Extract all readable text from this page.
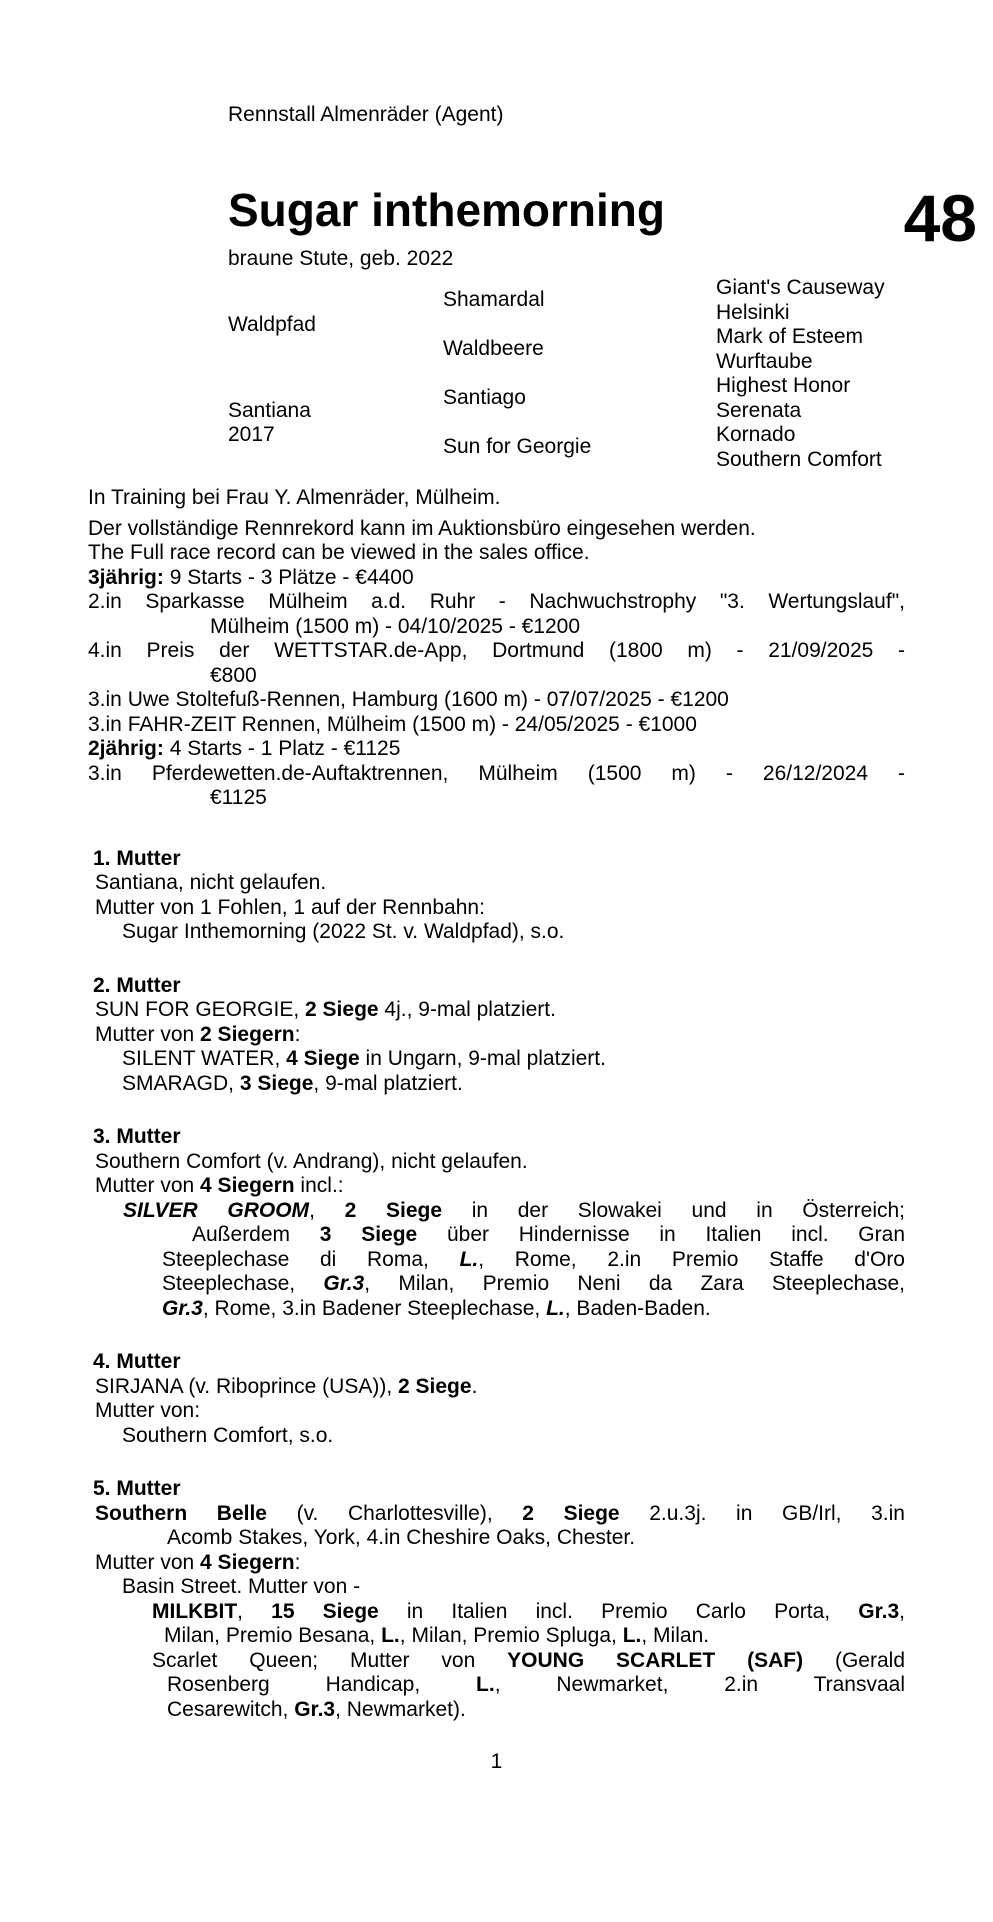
Rennstall Almenräder (Agent)
48
Sugar inthemorning
braune Stute, geb. 2022
Waldpfad
Santiana
2017
Shamardal
Waldbeere
Santiago
Sun for Georgie
Giant's Causeway
Helsinki
Mark of Esteem
Wurftaube
Highest Honor
Serenata
Kornado
Southern Comfort
In Training bei Frau Y. Almenräder, Mülheim.
Der vollständige Rennrekord kann im Auktionsbüro eingesehen werden.
The Full race record can be viewed in the sales office.
3jährig: 9 Starts - 3 Plätze - €4400
2.in Sparkasse Mülheim a.d. Ruhr - Nachwuchstrophy "3. Wertungslauf",
Mülheim (1500 m) - 04/10/2025 - €1200
4.in Preis der WETTSTAR.de-App, Dortmund (1800 m) - 21/09/2025 -
€800
3.in Uwe Stoltefuß-Rennen, Hamburg (1600 m) - 07/07/2025 - €1200
3.in FAHR-ZEIT Rennen, Mülheim (1500 m) - 24/05/2025 - €1000
2jährig: 4 Starts - 1 Platz - €1125
3.in Pferdewetten.de-Auftaktrennen, Mülheim (1500 m) - 26/12/2024 -
€1125
1. Mutter
Santiana, nicht gelaufen.
Mutter von 1 Fohlen, 1 auf der Rennbahn:
Sugar Inthemorning (2022 St. v. Waldpfad), s.o.
2. Mutter
SUN FOR GEORGIE, 2 Siege 4j., 9-mal platziert.
Mutter von 2 Siegern:
SILENT WATER, 4 Siege in Ungarn, 9-mal platziert.
SMARAGD, 3 Siege, 9-mal platziert.
3. Mutter
Southern Comfort (v. Andrang), nicht gelaufen.
Mutter von 4 Siegern incl.:
SILVER GROOM, 2 Siege in der Slowakei und in Österreich;
Außerdem 3 Siege über Hindernisse in Italien incl. Gran
Steeplechase di Roma, L., Rome, 2.in Premio Staffe d'Oro
Steeplechase, Gr.3, Milan, Premio Neni da Zara Steeplechase,
Gr.3, Rome, 3.in Badener Steeplechase, L., Baden-Baden.
4. Mutter
SIRJANA (v. Riboprince (USA)), 2 Siege.
Mutter von:
Southern Comfort, s.o.
5. Mutter
Southern Belle (v. Charlottesville), 2 Siege 2.u.3j. in GB/Irl, 3.in
Acomb Stakes, York, 4.in Cheshire Oaks, Chester.
Mutter von 4 Siegern:
Basin Street. Mutter von -
MILKBIT, 15 Siege in Italien incl. Premio Carlo Porta, Gr.3,
Milan, Premio Besana, L., Milan, Premio Spluga, L., Milan.
Scarlet Queen; Mutter von YOUNG SCARLET (SAF) (Gerald
Rosenberg Handicap, L., Newmarket, 2.in Transvaal
Cesarewitch, Gr.3, Newmarket).
1
